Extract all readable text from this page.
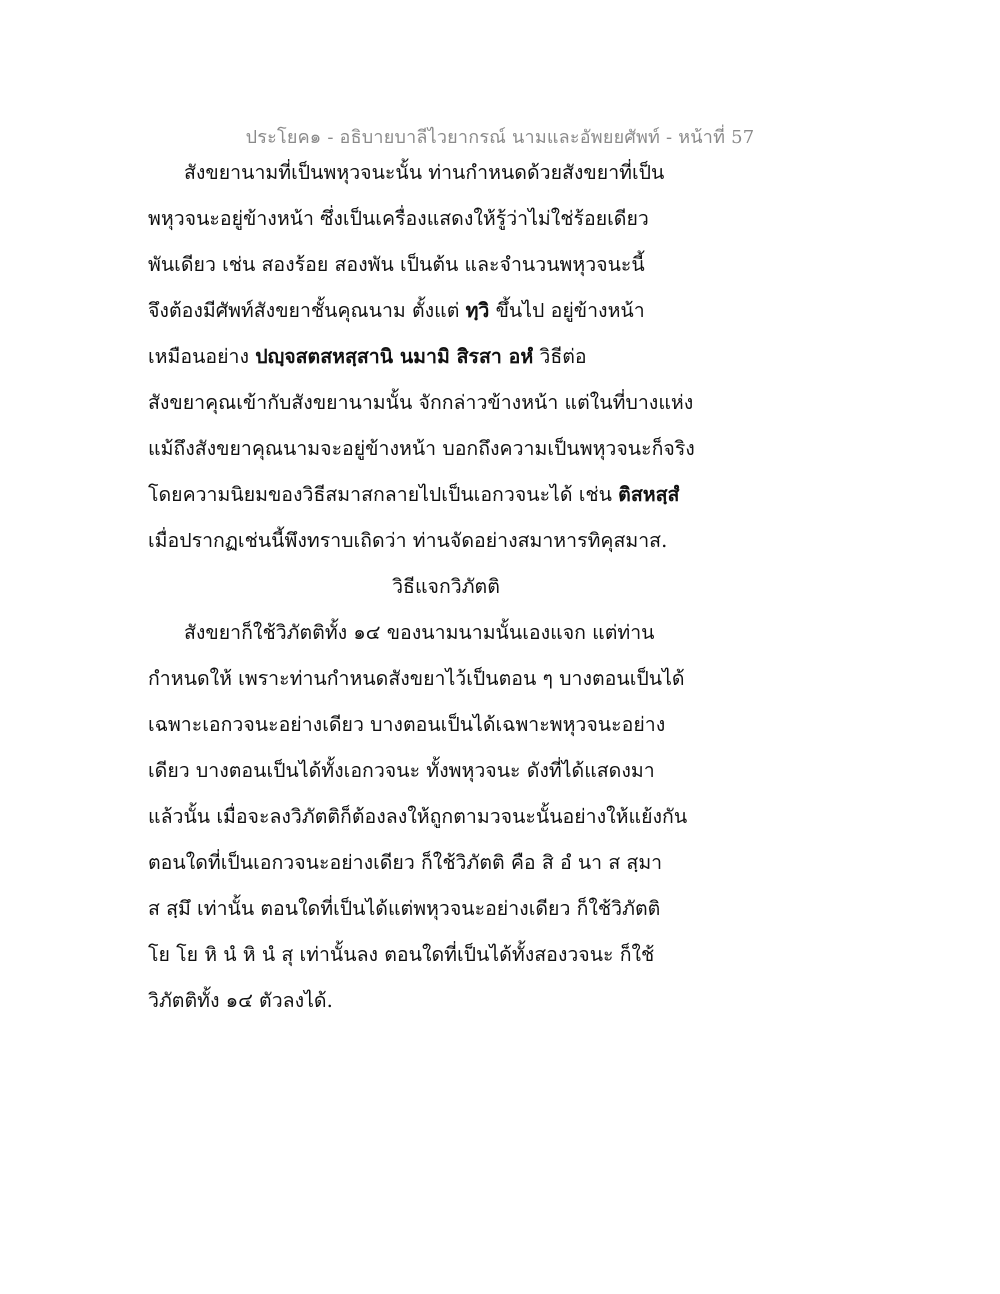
ประโยค๑ - อธิบายบาลีไวยากรณ์ นามและอัพยยศัพท์ - หน้าที่ 57
สังขยานามที่เป็นพหุวจนะนั้น ท่านกำหนดด้วยสังขยาที่เป็น
พหุวจนะอยู่ข้างหน้า ซึ่งเป็นเครื่องแสดงให้รู้ว่าไม่ใช่ร้อยเดียว
พันเดียว เช่น สองร้อย สองพัน เป็นต้น และจำนวนพหุวจนะนี้
จึงต้องมีศัพท์สังขยาชั้นคุณนาม ตั้งแต่ ทฺวิ ขึ้นไป อยู่ข้างหน้า
เหมือนอย่าง ปญฺจสตสหสฺสานิ นมามิ สิรสา อหํ วิธีต่อ
สังขยาคุณเข้ากับสังขยานามนั้น จักกล่าวข้างหน้า แต่ในที่บางแห่ง
แม้ถึงสังขยาคุณนามจะอยู่ข้างหน้า บอกถึงความเป็นพหุวจนะก็จริง
โดยความนิยมของวิธีสมาสกลายไปเป็นเอกวจนะได้ เช่น ติสหสฺสํ
เมื่อปรากฏเช่นนี้พึงทราบเถิดว่า ท่านจัดอย่างสมาหารทิคุสมาส.
วิธีแจกวิภัตติ
สังขยาก็ใช้วิภัตติทั้ง ๑๔ ของนามนามนั้นเองแจก แต่ท่าน
กำหนดให้ เพราะท่านกำหนดสังขยาไว้เป็นตอน ๆ บางตอนเป็นได้
เฉพาะเอกวจนะอย่างเดียว บางตอนเป็นได้เฉพาะพหุวจนะอย่าง
เดียว บางตอนเป็นได้ทั้งเอกวจนะ ทั้งพหุวจนะ ดังที่ได้แสดงมา
แล้วนั้น เมื่อจะลงวิภัตติก็ต้องลงให้ถูกตามวจนะนั้นอย่างให้แย้งกัน
ตอนใดที่เป็นเอกวจนะอย่างเดียว ก็ใช้วิภัตติ คือ สิ อํ นา ส สฺมา
ส สฺมึ เท่านั้น ตอนใดที่เป็นได้แต่พหุวจนะอย่างเดียว ก็ใช้วิภัตติ
โย โย หิ นํ หิ นํ สุ เท่านั้นลง ตอนใดที่เป็นได้ทั้งสองวจนะ ก็ใช้
วิภัตติทั้ง ๑๔ ตัวลงได้.
